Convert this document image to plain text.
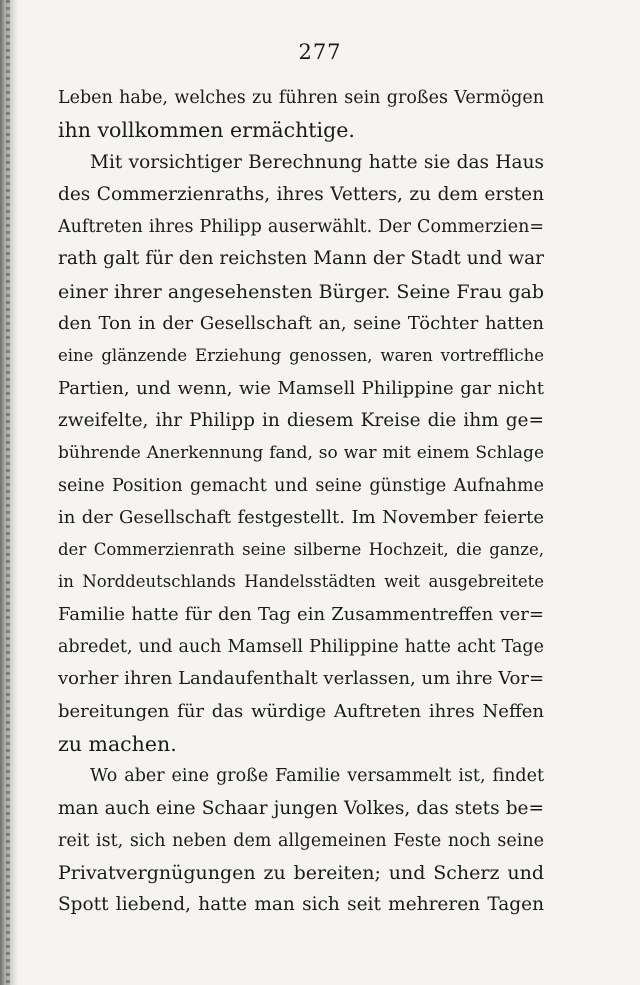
277
Leben habe, welches zu führen sein großes Vermögen
ihn vollkommen ermächtige.
Mit vorsichtiger Berechnung hatte sie das Haus
des Commerzienraths, ihres Vetters, zu dem ersten
Auftreten ihres Philipp auserwählt. Der Commerzien=
rath galt für den reichsten Mann der Stadt und war
einer ihrer angesehensten Bürger. Seine Frau gab
den Ton in der Gesellschaft an, seine Töchter hatten
eine glänzende Erziehung genossen, waren vortreffliche
Partien, und wenn, wie Mamsell Philippine gar nicht
zweifelte, ihr Philipp in diesem Kreise die ihm ge=
bührende Anerkennung fand, so war mit einem Schlage
seine Position gemacht und seine günstige Aufnahme
in der Gesellschaft festgestellt. Im November feierte
der Commerzienrath seine silberne Hochzeit, die ganze,
in Norddeutschlands Handelsstädten weit ausgebreitete
Familie hatte für den Tag ein Zusammentreffen ver=
abredet, und auch Mamsell Philippine hatte acht Tage
vorher ihren Landaufenthalt verlassen, um ihre Vor=
bereitungen für das würdige Auftreten ihres Neffen
zu machen.
Wo aber eine große Familie versammelt ist, findet
man auch eine Schaar jungen Volkes, das stets be=
reit ist, sich neben dem allgemeinen Feste noch seine
Privatvergnügungen zu bereiten; und Scherz und
Spott liebend, hatte man sich seit mehreren Tagen
